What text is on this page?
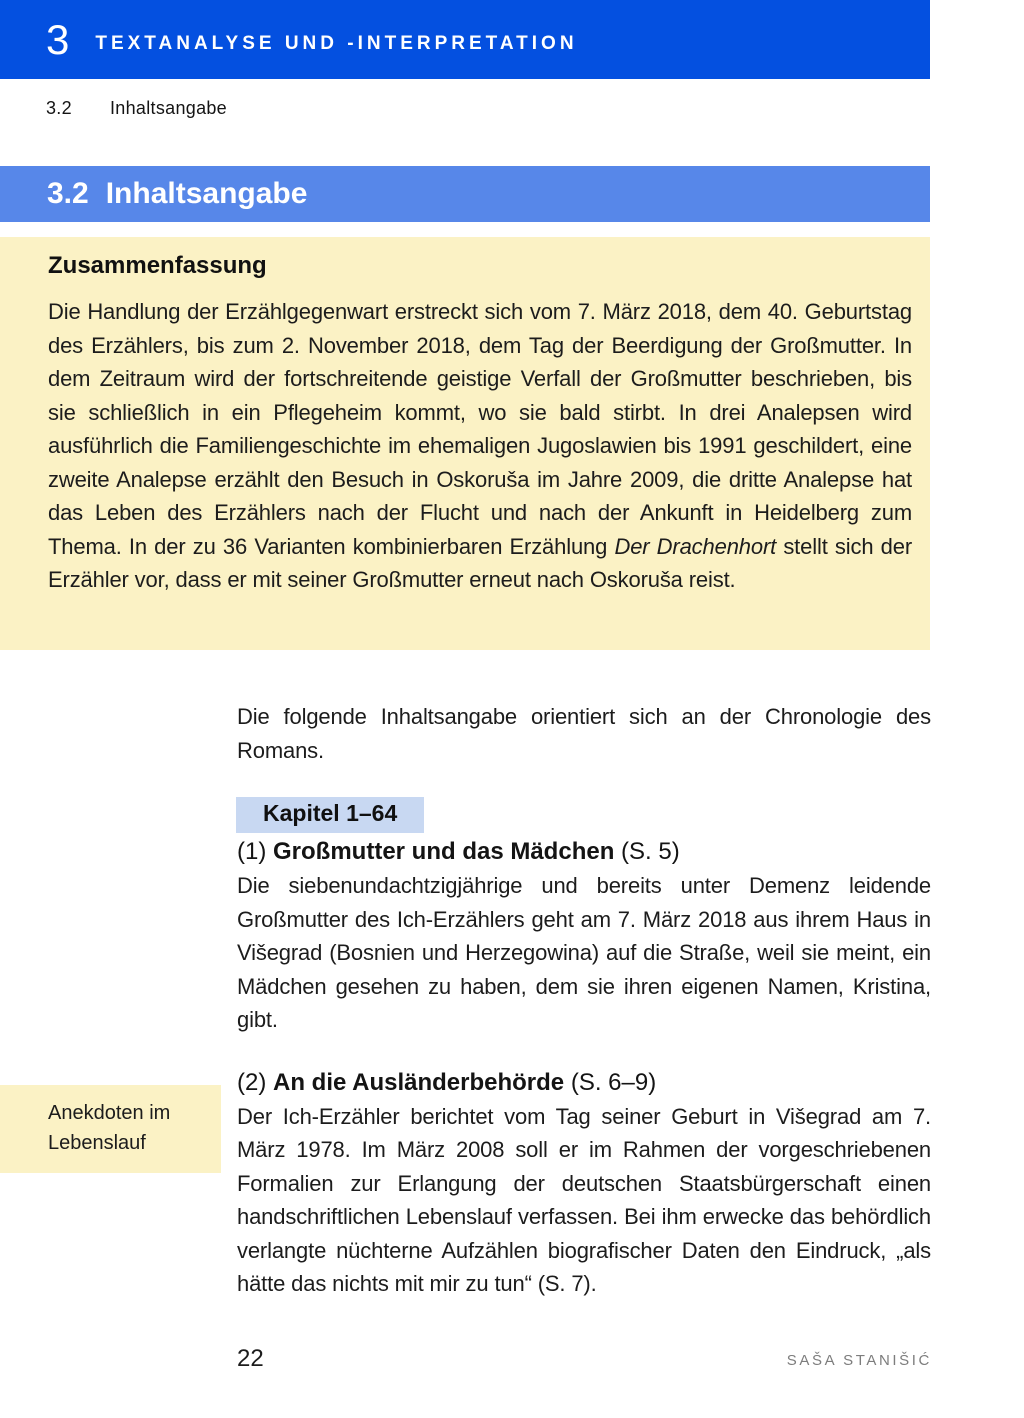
3 TEXTANALYSE UND -INTERPRETATION
3.2 Inhaltsangabe
3.2 Inhaltsangabe
Zusammenfassung

Die Handlung der Erzählgegenwart erstreckt sich vom 7. März 2018, dem 40. Geburtstag des Erzählers, bis zum 2. November 2018, dem Tag der Beerdigung der Großmutter. In dem Zeitraum wird der fortschreitende geistige Verfall der Großmutter beschrieben, bis sie schließlich in ein Pflegeheim kommt, wo sie bald stirbt. In drei Analepsen wird ausführlich die Familiengeschichte im ehemaligen Jugoslawien bis 1991 geschildert, eine zweite Analepse erzählt den Besuch in Oskoruša im Jahre 2009, die dritte Analepse hat das Leben des Erzählers nach der Flucht und nach der Ankunft in Heidelberg zum Thema. In der zu 36 Varianten kombinierbaren Erzählung Der Drachenhort stellt sich der Erzähler vor, dass er mit seiner Großmutter erneut nach Oskoruša reist.

Die folgende Inhaltsangabe orientiert sich an der Chronologie des Romans.

Kapitel 1–64
(1) Großmutter und das Mädchen (S. 5)

Die siebenundachtzigjährige und bereits unter Demenz leidende Großmutter des Ich-Erzählers geht am 7. März 2018 aus ihrem Haus in Višegrad (Bosnien und Herzegowina) auf die Straße, weil sie meint, ein Mädchen gesehen zu haben, dem sie ihren eigenen Namen, Kristina, gibt.

Anekdoten im Lebenslauf
(2) An die Ausländerbehörde (S. 6–9)

Der Ich-Erzähler berichtet vom Tag seiner Geburt in Višegrad am 7. März 1978. Im März 2008 soll er im Rahmen der vorgeschriebenen Formalien zur Erlangung der deutschen Staatsbürgerschaft einen handschriftlichen Lebenslauf verfassen. Bei ihm erwecke das behördlich verlangte nüchterne Aufzählen biografischer Daten den Eindruck, „als hätte das nichts mit mir zu tun“ (S. 7).

22	SAŠA STANIŠIĆ
